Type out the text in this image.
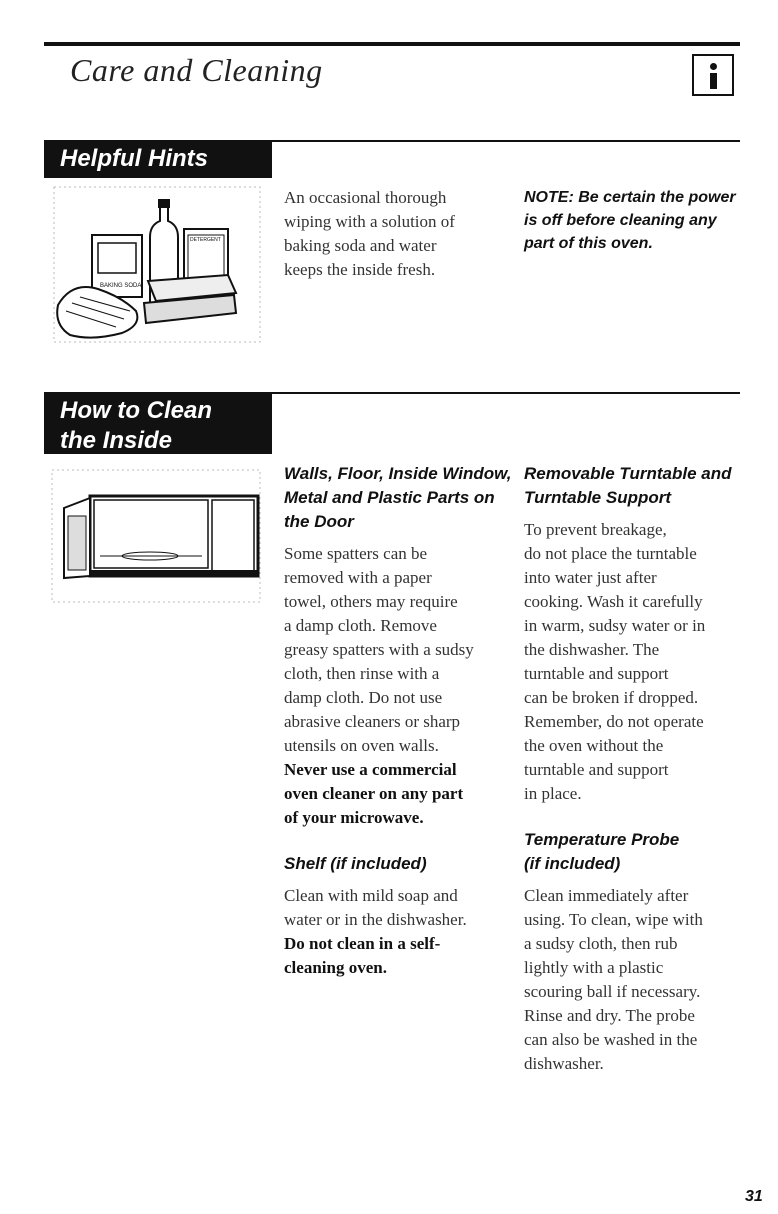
Care and Cleaning
Helpful Hints
BAKING SODA
DETERGENT

An occasional thorough

wiping with a solution of

baking soda and water

keeps the inside fresh.

NOTE: Be certain the power
is off before cleaning any
part of this oven.
How to Clean
the Inside
Walls, Floor, Inside Window,
Metal and Plastic Parts on
the Door

Some spatters can be

removed with a paper

towel, others may require

a damp cloth. Remove

greasy spatters with a sudsy

cloth, then rinse with a

damp cloth. Do not use

abrasive cleaners or sharp

utensils on oven walls.

Never use a commercial

oven cleaner on any part

of your microwave.

Shelf (if included)

Clean with mild soap and

water or in the dishwasher.

Do not clean in a self-

cleaning oven.

Removable Turntable and
Turntable Support

To prevent breakage,

do not place the turntable

into water just after

cooking. Wash it carefully

in warm, sudsy water or in

the dishwasher. The

turntable and support

can be broken if dropped.

Remember, do not operate

the oven without the

turntable and support

in place.

Temperature Probe
(if included)

Clean immediately after

using. To clean, wipe with

a sudsy cloth, then rub

lightly with a plastic

scouring ball if necessary.

Rinse and dry. The probe

can also be washed in the

dishwasher.

31
